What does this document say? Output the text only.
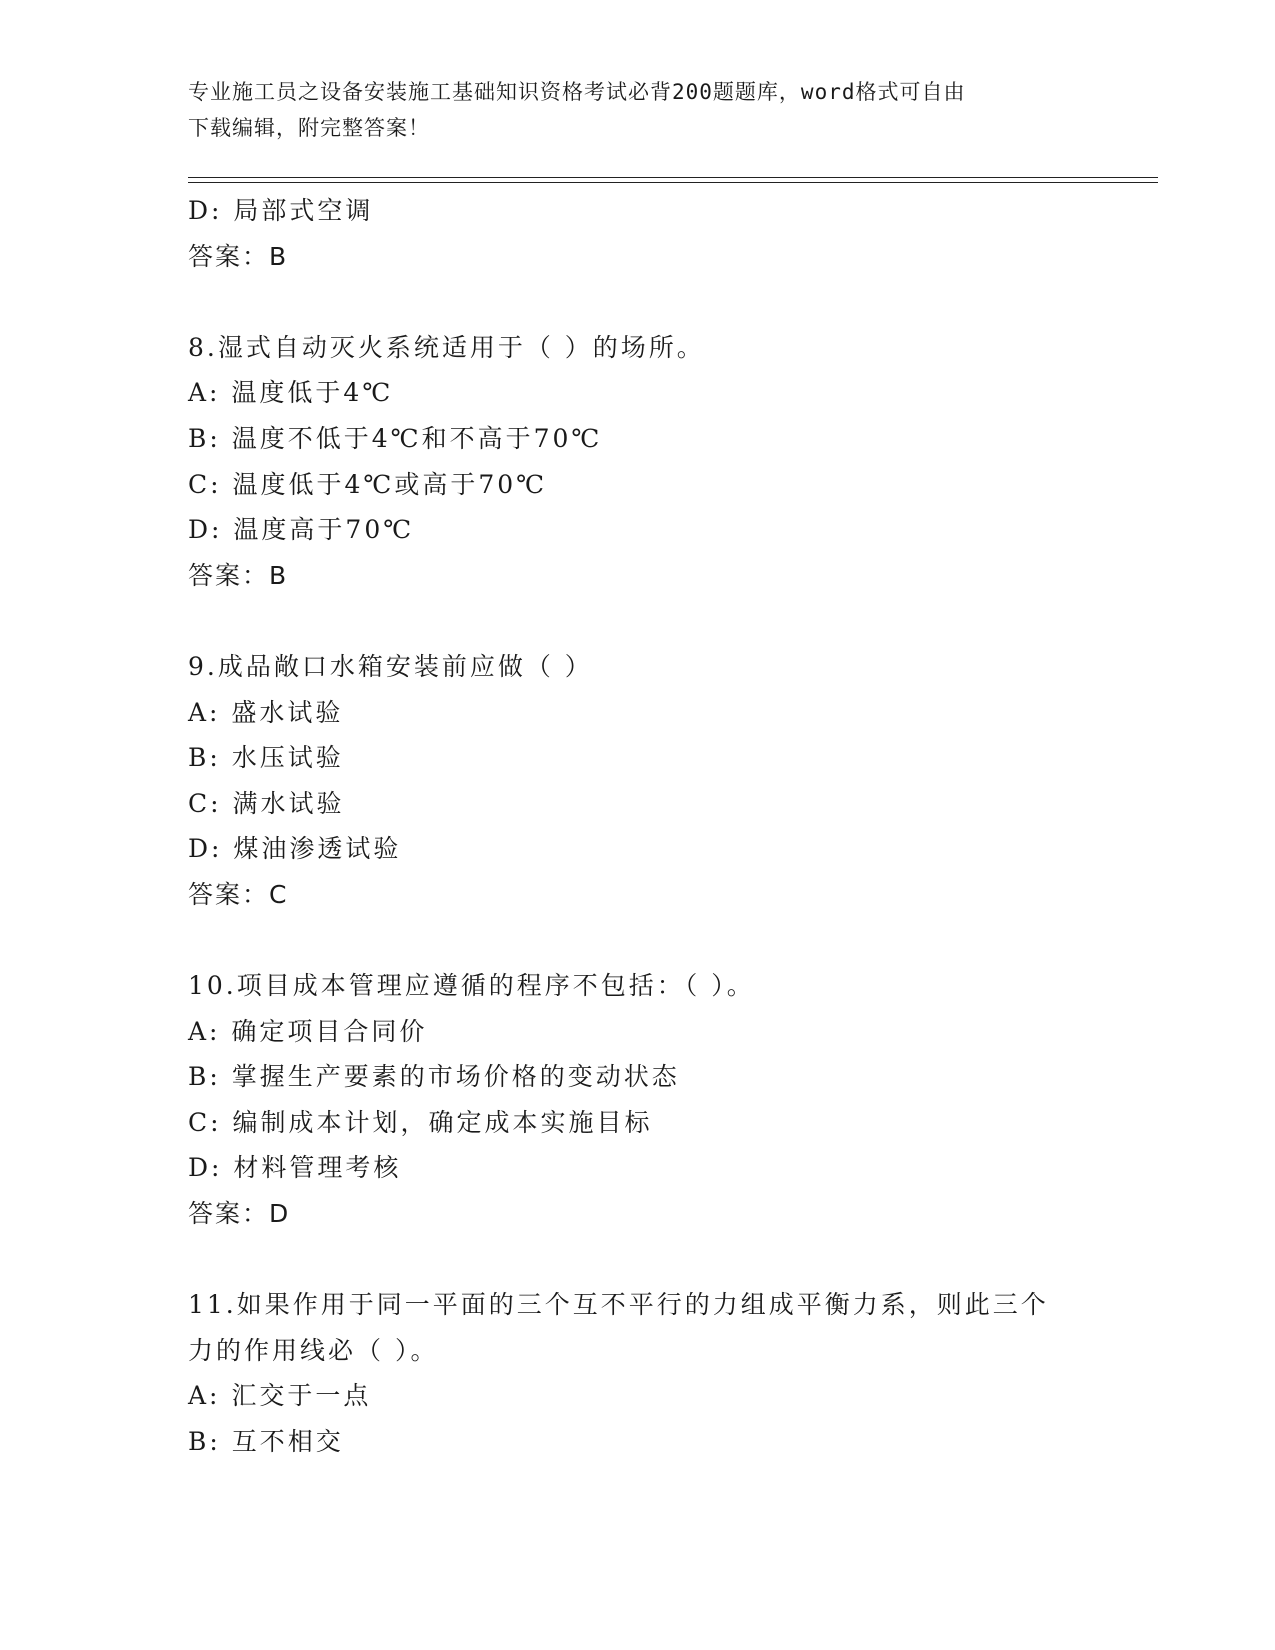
专业施工员之设备安装施工基础知识资格考试必背200题题库，word格式可自由
下载编辑，附完整答案！
D: 局部式空调
答案：B
8.湿式自动灭火系统适用于（ ）的场所。
A: 温度低于4℃
B: 温度不低于4℃和不高于70℃
C: 温度低于4℃或高于70℃
D: 温度高于70℃
答案：B
9.成品敞口水箱安装前应做（ ）
A: 盛水试验
B: 水压试验
C: 满水试验
D: 煤油渗透试验
答案：C
10.项目成本管理应遵循的程序不包括：（ ）。
A: 确定项目合同价
B: 掌握生产要素的市场价格的变动状态
C: 编制成本计划，确定成本实施目标
D: 材料管理考核
答案：D
11.如果作用于同一平面的三个互不平行的力组成平衡力系，则此三个
力的作用线必（ ）。
A: 汇交于一点
B: 互不相交
